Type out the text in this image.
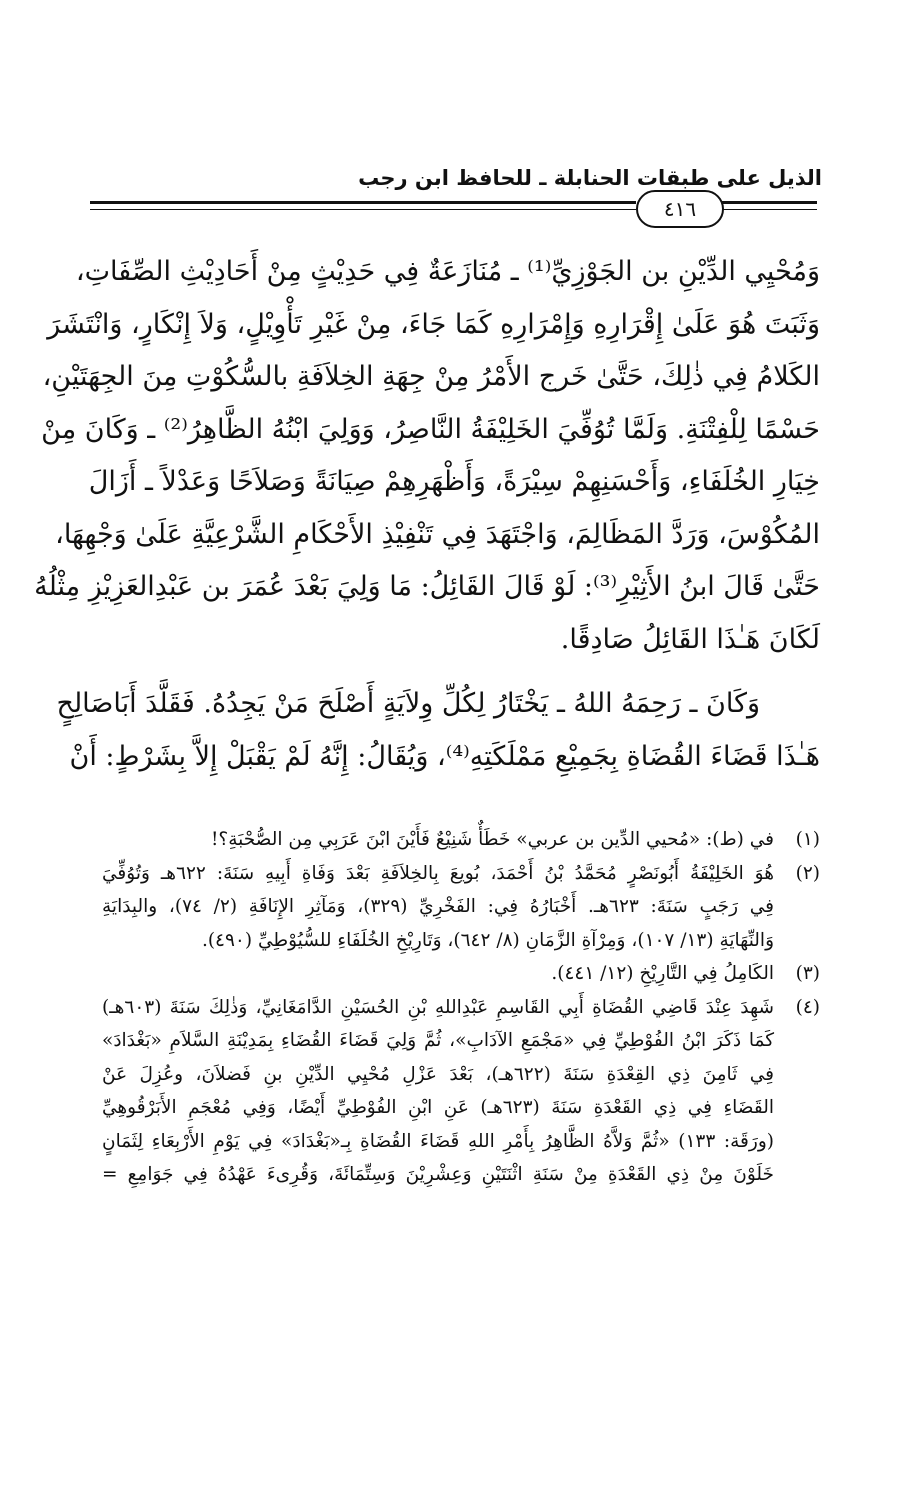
الذيل على طبقات الحنابلة ـ للحافظ ابن رجب
٤١٦
وَمُحْيِي الدِّيْنِ بن الجَوْزِيِّ⁽¹⁾ ـ مُنَازَعَةٌ فِي حَدِيْثٍ مِنْ أَحَادِيْثِ الصِّفَاتِ،
وَثَبَتَ هُوَ عَلَىٰ إِقْرَارِهِ وَإِمْرَارِهِ كَمَا جَاءَ، مِنْ غَيْرِ تَأْوِيْلٍ، وَلاَ إِنْكَارٍ، وَانْتَشَرَ
الكَلامُ فِي ذٰلِكَ، حَتَّىٰ خَرج الأَمْرُ مِنْ جِهَةِ الخِلاَفَةِ بالسُّكُوْتِ مِنَ الجِهَتَيْنِ،
حَسْمًا لِلْفِتْنَةِ. وَلَمَّا تُوُفِّيَ الخَلِيْفَةُ النَّاصِرُ، وَوَلِيَ ابْنُهُ الظَّاهِرُ⁽²⁾ ـ وَكَانَ مِنْ
خِيَارِ الخُلَفَاءِ، وَأَحْسَنِهِمْ سِيْرَةً، وَأَظْهَرِهِمْ صِيَانَةً وَصَلاَحًا وَعَدْلاً ـ أَزَالَ
المُكُوْسَ، وَرَدَّ المَظَالِمَ، وَاجْتَهَدَ فِي تَنْفِيْذِ الأَحْكَامِ الشَّرْعِيَّةِ عَلَىٰ وَجْهِهَا،
حَتَّىٰ قَالَ ابنُ الأَثِيْرِ⁽³⁾: لَوْ قَالَ القَائِلُ: مَا وَلِيَ بَعْدَ عُمَرَ بن عَبْدِالعَزِيْزِ مِثْلُهُ
لَكَانَ هَـٰذَا القَائِلُ صَادِقًا.
وَكَانَ ـ رَحِمَهُ اللهُ ـ يَخْتَارُ لِكُلِّ وِلاَيَةٍ أَصْلَحَ مَنْ يَجِدُهُ. فَقَلَّدَ أَبَاصَالِحٍ
هَـٰذَا قَضَاءَ القُضَاةِ بِجَمِيْعِ مَمْلَكَتِهِ⁽⁴⁾، وَيُقَالُ: إِنَّهُ لَمْ يَقْبَلْ إِلاَّ بِشَرْطٍ: أَنْ
(١)
في (ط): «مُحيي الدِّين بن عربي» خَطَأٌ شَنِيْعٌ فَأَيْنَ ابْنَ عَرَبِي مِن الصُّحْبَةِ؟!
(٢)
هُوَ الخَلِيْفَةُ أَبُونَصْرٍ مُحَمَّدُ بْنُ أَحْمَدَ، بُويعَ بِالخِلاَفَةِ بَعْدَ وَفَاةِ أَبِيهِ سَنَةَ: ٦٢٢هـ وَتُوُفِّيَ
فِي رَجَبٍ سَنَةَ: ٦٢٣هـ. أَخْبَارُهُ فِي: الفَخْرِيِّ (٣٢٩)، وَمَآثِرِ الإِنَافَةِ (٢/ ٧٤)، والبِدَايَةِ
وَالنِّهَايَةِ (١٣/ ١٠٧)، وَمِرْآةِ الزَّمَانِ (٨/ ٦٤٢)، وَتَارِيْخِ الخُلَفَاءِ للسُّيُوْطِيِّ (٤٩٠).
(٣)
الكَامِلُ فِي التَّارِيْخِ (١٢/ ٤٤١).
(٤)
شَهِدَ عِنْدَ قَاضِي القُضَاةِ أَبِي القَاسِمِ عَبْدِاللهِ بْنِ الحُسَيْنِ الدَّامَغَانِيِّ، وَذٰلِكَ سَنَةَ (٦٠٣هـ)
كَمَا ذَكَرَ ابْنُ الفُوْطِيِّ فِي «مَجْمَعِ الآدَابِ»، ثُمَّ وَلِيَ قَضَاءَ القُضَاءِ بِمَدِيْنَةِ السَّلاَمِ «بَغْدَادَ»
فِي ثَامِنَ ذِي القِعْدَةِ سَنَةَ (٦٢٢هـ)، بَعْدَ عَزْلِ مُحْيِي الدِّيْنِ بنِ فَضلاَنَ، وعُزِلَ عَنْ
القَضَاءِ فِي ذِي القَعْدَةِ سَنَةَ (٦٢٣هـ) عَنِ ابْنِ الفُوْطِيِّ أَيْضًا، وَفِي مُعْجَمِ الأَبَرْقُوهِيِّ
(ورَقَة: ١٣٣) «ثُمَّ وَلاَّهُ الظَّاهِرُ بِأَمْرِ اللهِ قَضَاءَ القُضَاةِ بِـ«بَغْدَادَ» فِي يَوْمِ الأَرْبِعَاءِ لِثَمَانٍ
خَلَوْنَ مِنْ ذِي القَعْدَةِ مِنْ سَنَةِ اثْنَتَيْنِ وَعِشْرِيْنَ وَسِتِّمَائَةَ، وَقُرِىءَ عَهْدُهُ فِي جَوَامِعِ =
